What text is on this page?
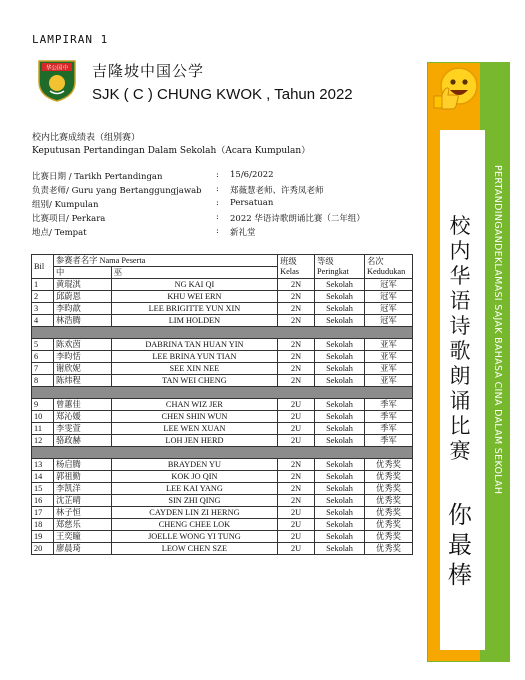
LAMPIRAN 1
华公国中 吉隆坡中国公学
SJK ( C ) CHUNG KWOK , Tahun 2022
校内比赛成绩表（组别赛）
Keputusan Pertandingan Dalam Sekolah（Acara Kumpulan）
比赛日期 / Tarikh Pertandingan	: 15/6/2022
负责老师/ Guru yang Bertanggungjawab : 郑薇慧老师、许秀凤老师
组别/ Kumpulan	: Persatuan
比赛项目/ Perkara	: 2022 华语诗歌朗诵比赛（二年组）
地点/ Tempat	: 新礼堂
Bil	参赛者名字 Nama Peserta		班级 Kelas	等级 Peringkat	名次 Kedudukan
	中	巫			
1	黄琨淇	NG KAI QI	2N	Sekolah	冠军
2	邱蔚恩	KHU WEI ERN	2N	Sekolah	冠军
3	李昀歆	LEE BRIGITTE YUN XIN	2N	Sekolah	冠军
4	林浩腾	LIM HOLDEN	2N	Sekolah	冠军

5	陈欢茵	DABRINA TAN HUAN YIN	2N	Sekolah	亚军
6	李昀恬	LEE BRINA YUN TIAN	2N	Sekolah	亚军
7	谢欣妮	SEE XIN NEE	2N	Sekolah	亚军
8	陈炜程	TAN WEI CHENG	2N	Sekolah	亚军

9	曾蕙佳	CHAN WIZ JER	2U	Sekolah	季军
10	郑沁媛	CHEN SHIN WUN	2U	Sekolah	季军
11	李雯萱	LEE WEN XUAN	2U	Sekolah	季军
12	骆政赫	LOH JEN HERD	2U	Sekolah	季军

13	杨启腾	BRAYDEN YU	2N	Sekolah	优秀奖
14	郭祖勤	KOK JO QIN	2N	Sekolah	优秀奖
15	李凯洋	LEE KAI YANG	2N	Sekolah	优秀奖
16	沈芷晴	SIN ZHI QING	2N	Sekolah	优秀奖
17	林子恒	CAYDEN LIN ZI HERNG	2U	Sekolah	优秀奖
18	郑慈乐	CHENG CHEE LOK	2U	Sekolah	优秀奖
19	王奕瞳	JOELLE WONG YI TUNG	2U	Sekolah	优秀奖
20	廖晨琦	LEOW CHEN SZE	2U	Sekolah	优秀奖
校内华语诗歌朗诵比赛
你最棒
PERTANDINGANDEKLAMASI SAJAK BAHASA CINA DALAM SEKOLAH
